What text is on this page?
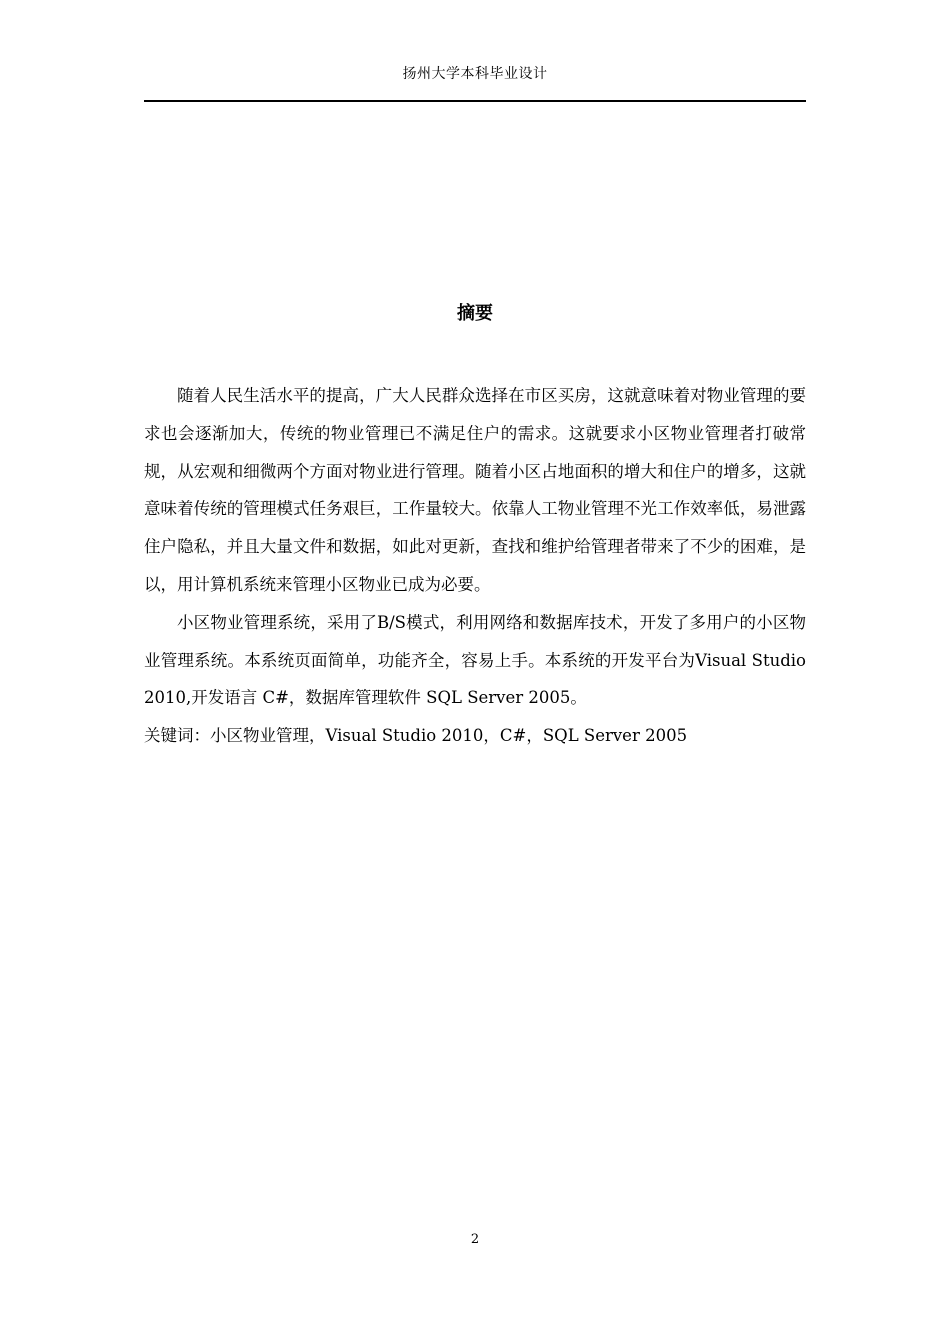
扬州大学本科毕业设计
摘要

随着人民生活水平的提高，广大人民群众选择在市区买房，这就意味着对物业管理的要求也会逐渐加大，传统的物业管理已不满足住户的需求。这就要求小区物业管理者打破常规，从宏观和细微两个方面对物业进行管理。随着小区占地面积的增大和住户的增多，这就意味着传统的管理模式任务艰巨，工作量较大。依靠人工物业管理不光工作效率低，易泄露住户隐私，并且大量文件和数据，如此对更新，查找和维护给管理者带来了不少的困难，是以，用计算机系统来管理小区物业已成为必要。

小区物业管理系统，采用了B/S模式，利用网络和数据库技术，开发了多用户的小区物业管理系统。本系统页面简单，功能齐全，容易上手。本系统的开发平台为Visual Studio 2010,开发语言 C#，数据库管理软件 SQL Server 2005。

关键词：小区物业管理，Visual Studio 2010，C#，SQL Server 2005

2
